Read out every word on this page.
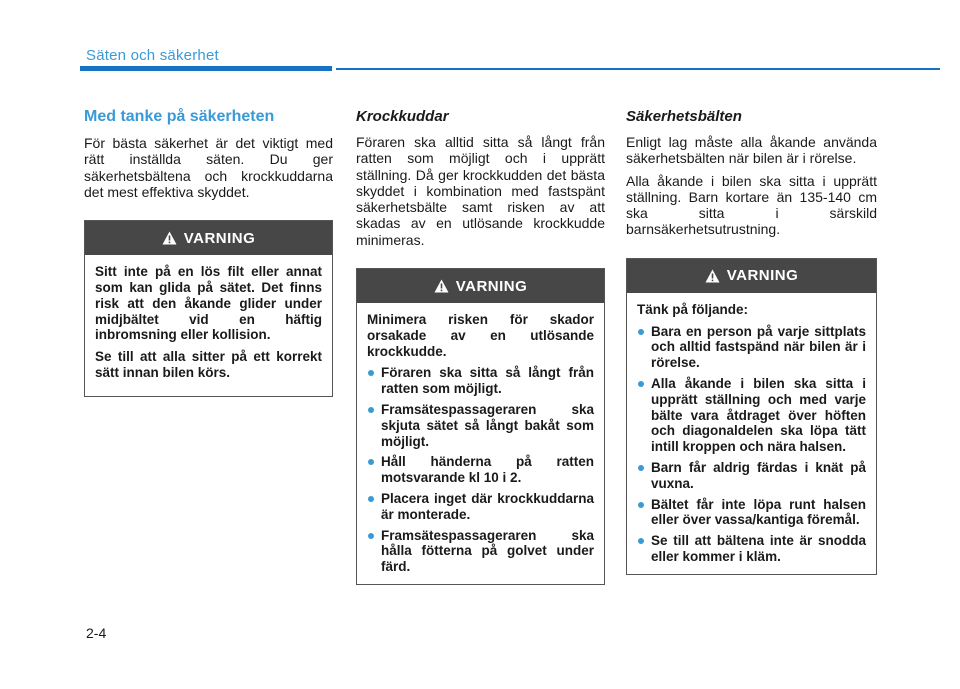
Säten och säkerhet
Med tanke på säkerheten

För bästa säkerhet är det viktigt med rätt inställda säten. Du ger säkerhetsbältena och krockkuddarna det mest effektiva skyddet.

VARNING

Sitt inte på en lös filt eller annat som kan glida på sätet. Det finns risk att den åkande glider under midjbältet vid en häftig inbromsning eller kollision.

Se till att alla sitter på ett korrekt sätt innan bilen körs.

Krockkuddar

Föraren ska alltid sitta så långt från ratten som möjligt och i upprätt ställning. Då ger krockkudden det bästa skyddet i kombination med fastspänt säkerhetsbälte samt risken av att skadas av en utlösande krockkudde minimeras.

VARNING

Minimera risken för skador orsakade av en utlösande krockkudde.

Föraren ska sitta så långt från ratten som möjligt.
Framsätespassageraren ska skjuta sätet så långt bakåt som möjligt.
Håll händerna på ratten motsvarande kl 10 i 2.
Placera inget där krockkuddarna är monterade.
Framsätespassageraren ska hålla fötterna på golvet under färd.
Säkerhetsbälten

Enligt lag måste alla åkande använda säkerhetsbälten när bilen är i rörelse.

Alla åkande i bilen ska sitta i upprätt ställning. Barn kortare än 135-140 cm ska sitta i särskild barnsäkerhetsutrustning.

VARNING

Tänk på följande:

Bara en person på varje sittplats och alltid fastspänd när bilen är i rörelse.
Alla åkande i bilen ska sitta i upprätt ställning och med varje bälte vara åtdraget över höften och diagonaldelen ska löpa tätt intill kroppen och nära halsen.
Barn får aldrig färdas i knät på vuxna.
Bältet får inte löpa runt halsen eller över vassa/kantiga föremål.
Se till att bältena inte är snodda eller kommer i kläm.
2-4
